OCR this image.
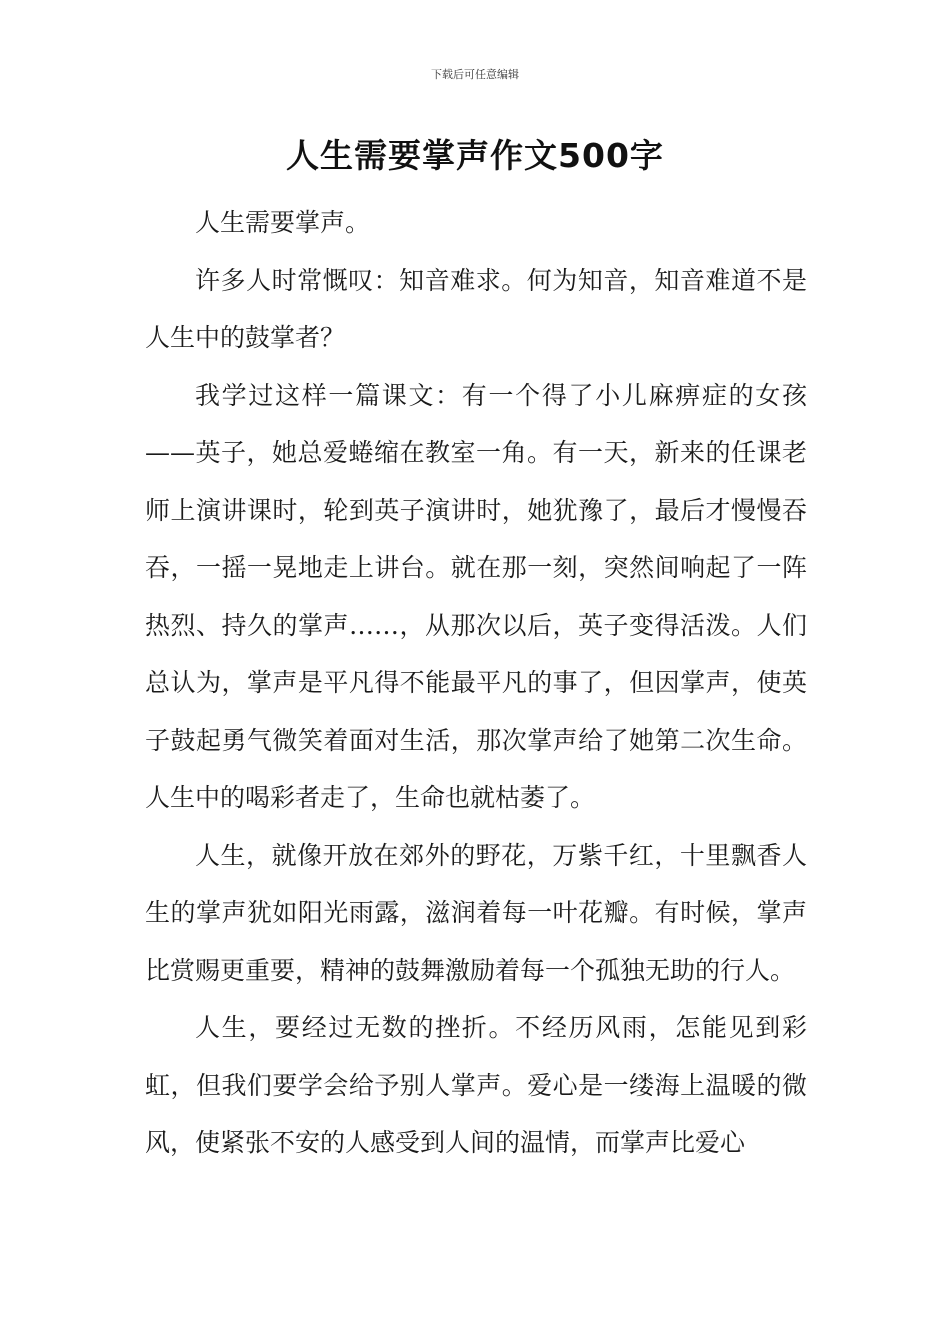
下载后可任意编辑
人生需要掌声作文500字

人生需要掌声。

许多人时常慨叹：知音难求。何为知音，知音难道不是人生中的鼓掌者？

我学过这样一篇课文：有一个得了小儿麻痹症的女孩——英子，她总爱蜷缩在教室一角。有一天，新来的任课老师上演讲课时，轮到英子演讲时，她犹豫了，最后才慢慢吞吞，一摇一晃地走上讲台。就在那一刻，突然间响起了一阵热烈、持久的掌声……，从那次以后，英子变得活泼。人们总认为，掌声是平凡得不能最平凡的事了，但因掌声，使英子鼓起勇气微笑着面对生活，那次掌声给了她第二次生命。人生中的喝彩者走了，生命也就枯萎了。

人生，就像开放在郊外的野花，万紫千红，十里飘香人生的掌声犹如阳光雨露，滋润着每一叶花瓣。有时候，掌声比赏赐更重要，精神的鼓舞激励着每一个孤独无助的行人。

人生，要经过无数的挫折。不经历风雨，怎能见到彩虹，但我们要学会给予别人掌声。爱心是一缕海上温暖的微风，使紧张不安的人感受到人间的温情，而掌声比爱心
